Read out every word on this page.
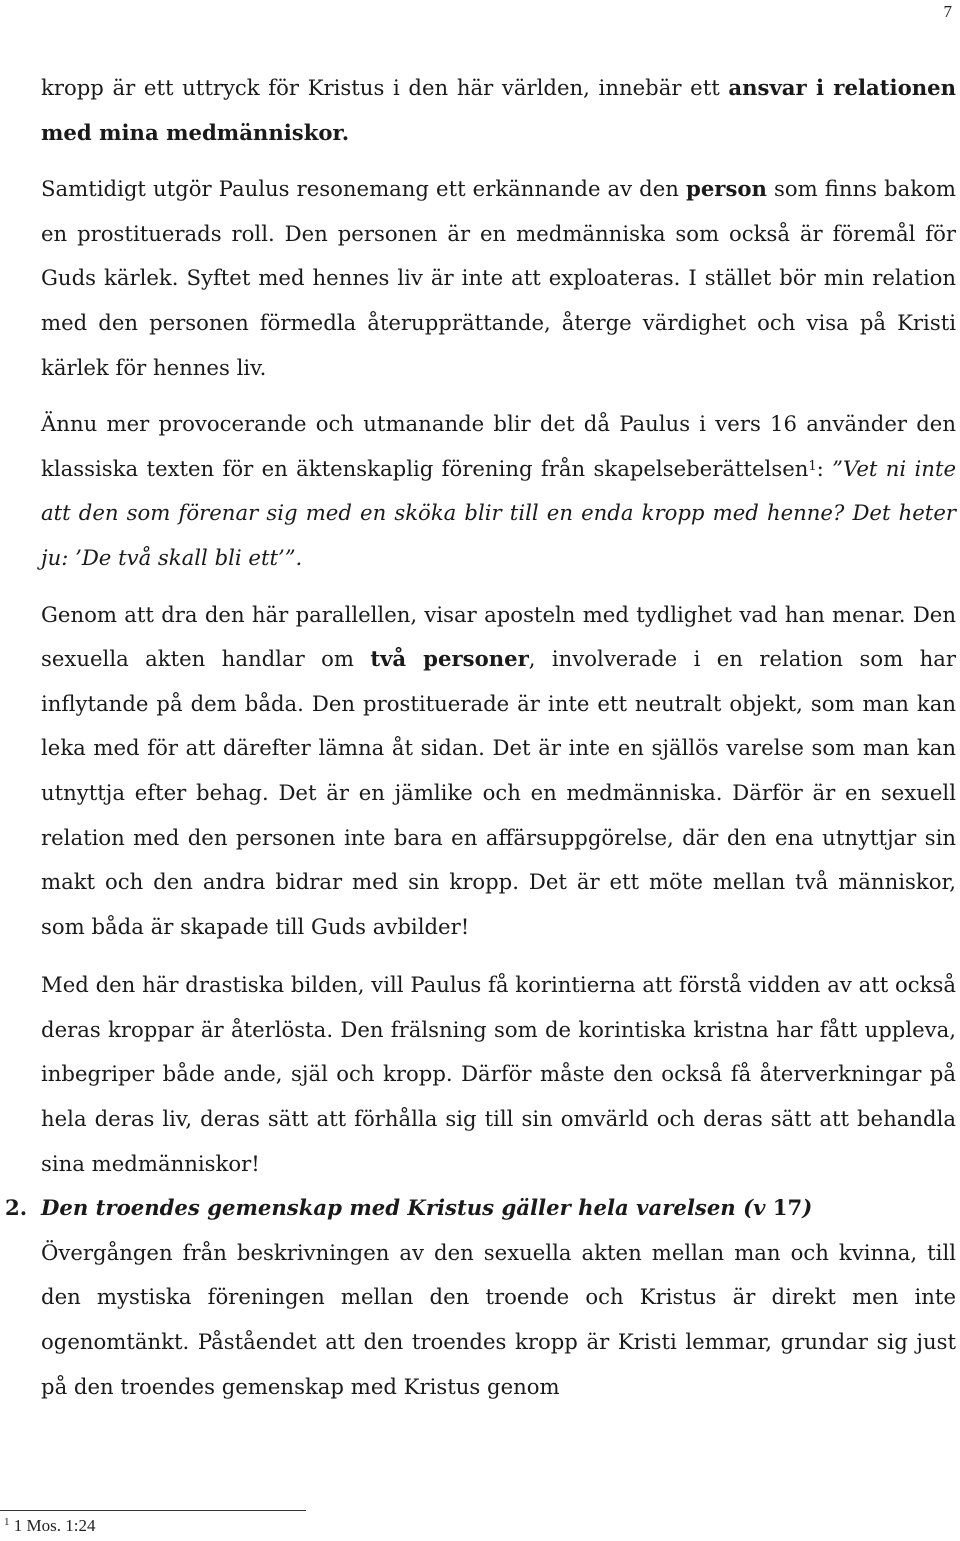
7

kropp är ett uttryck för Kristus i den här världen, innebär ett ansvar i relationen med mina medmänniskor.

Samtidigt utgör Paulus resonemang ett erkännande av den person som finns bakom en prostituerads roll. Den personen är en medmänniska som också är föremål för Guds kärlek. Syftet med hennes liv är inte att exploateras. I stället bör min relation med den personen förmedla återupprättande, återge värdighet och visa på Kristi kärlek för hennes liv.

Ännu mer provocerande och utmanande blir det då Paulus i vers 16 använder den klassiska texten för en äktenskaplig förening från skapelseberättelsen$^1$: ”Vet ni inte att den som förenar sig med en sköka blir till en enda kropp med henne? Det heter ju: ’De två skall bli ett’”.

Genom att dra den här parallellen, visar aposteln med tydlighet vad han menar. Den sexuella akten handlar om två personer, involverade i en relation som har inflytande på dem båda. Den prostituerade är inte ett neutralt objekt, som man kan leka med för att därefter lämna åt sidan. Det är inte en själlös varelse som man kan utnyttja efter behag. Det är en jämlike och en medmänniska. Därför är en sexuell relation med den personen inte bara en affärsuppgörelse, där den ena utnyttjar sin makt och den andra bidrar med sin kropp. Det är ett möte mellan två människor, som båda är skapade till Guds avbilder!

Med den här drastiska bilden, vill Paulus få korintierna att förstå vidden av att också deras kroppar är återlösta. Den frälsning som de korintiska kristna har fått uppleva, inbegriper både ande, själ och kropp. Därför måste den också få återverkningar på hela deras liv, deras sätt att förhålla sig till sin omvärld och deras sätt att behandla sina medmänniskor!

2. Den troendes gemenskap med Kristus gäller hela varelsen (v 17)

Övergången från beskrivningen av den sexuella akten mellan man och kvinna, till den mystiska föreningen mellan den troende och Kristus är direkt men inte ogenomtänkt. Påståendet att den troendes kropp är Kristi lemmar, grundar sig just på den troendes gemenskap med Kristus genom

$^1$ 1 Mos. 1:24
